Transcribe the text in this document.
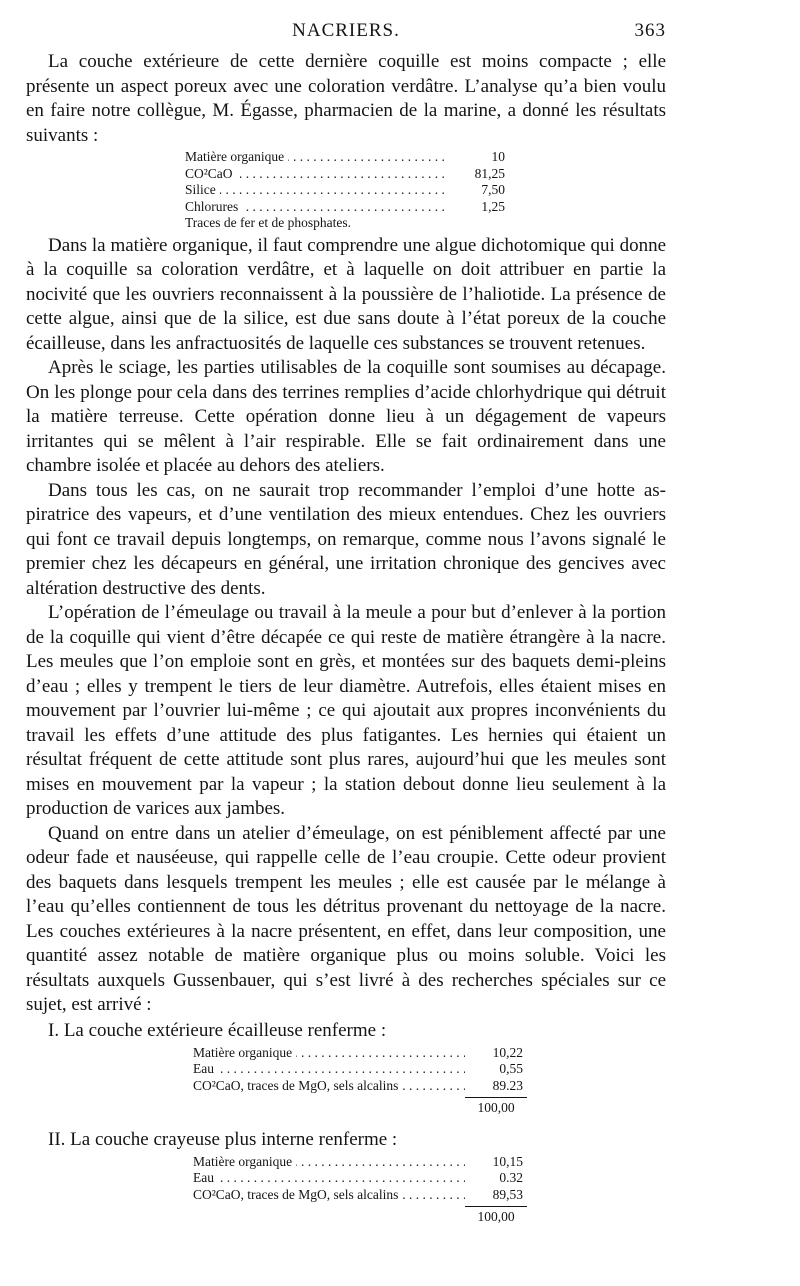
NACRIERS.	363

La couche extérieure de cette dernière coquille est moins compacte ; elle présente un aspect poreux avec une coloration verdâtre. L’analyse qu’a bien voulu en faire notre collègue, M. Égasse, pharmacien de la marine, a donné les résultats suivants :

Matière organique . . .	10
CO²CaO . . .	81,25
Silice . . .	7,50
Chlorures . . .	1,25
Traces de fer et de phosphates.

Dans la matière organique, il faut comprendre une algue dichotomique qui donne à la coquille sa coloration verdâtre, et à laquelle on doit attribuer en partie la nocivité que les ouvriers reconnaissent à la poussière de l’haliotide. La présence de cette algue, ainsi que de la silice, est due sans doute à l’état poreux de la couche écailleuse, dans les anfractuosités de laquelle ces substances se trouvent retenues.

Après le sciage, les parties utilisables de la coquille sont soumises au décapage. On les plonge pour cela dans des terrines remplies d’acide chlorhydrique qui détruit la matière terreuse. Cette opération donne lieu à un dégagement de vapeurs irritantes qui se mêlent à l’air respirable. Elle se fait ordinairement dans une chambre isolée et placée au dehors des ateliers.

Dans tous les cas, on ne saurait trop recommander l’emploi d’une hotte aspiratrice des vapeurs, et d’une ventilation des mieux entendues. Chez les ouvriers qui font ce travail depuis longtemps, on remarque, comme nous l’avons signalé le premier chez les décapeurs en général, une irritation chronique des gencives avec altération destructive des dents.

L’opération de l’émeulage ou travail à la meule a pour but d’enlever à la portion de la coquille qui vient d’être décapée ce qui reste de matière étrangère à la nacre. Les meules que l’on emploie sont en grès, et montées sur des baquets demi-pleins d’eau ; elles y trempent le tiers de leur diamètre. Autrefois, elles étaient mises en mouvement par l’ouvrier lui-même ; ce qui ajoutait aux propres inconvénients du travail les effets d’une attitude des plus fatigantes. Les hernies qui étaient un résultat fréquent de cette attitude sont plus rares, aujourd’hui que les meules sont mises en mouvement par la vapeur ; la station debout donne lieu seulement à la production de varices aux jambes.

Quand on entre dans un atelier d’émeulage, on est péniblement affecté par une odeur fade et nauséeuse, qui rappelle celle de l’eau croupie. Cette odeur provient des baquets dans lesquels trempent les meules ; elle est causée par le mélange à l’eau qu’elles contiennent de tous les détritus provenant du nettoyage de la nacre. Les couches extérieures à la nacre présentent, en effet, dans leur composition, une quantité assez notable de matière organique plus ou moins soluble. Voici les résultats auxquels Gussenbauer, qui s’est livré à des recherches spéciales sur ce sujet, est arrivé :

I. La couche extérieure écailleuse renferme :

Matière organique . . .	10,22
Eau . . .	0,55
CO²CaO, traces de MgO, sels alcalins . . .	89.23
100,00

II. La couche crayeuse plus interne renferme :

Matière organique . . .	10,15
Eau . . .	0.32
CO²CaO, traces de MgO, sels alcalins . . .	89,53
100,00
